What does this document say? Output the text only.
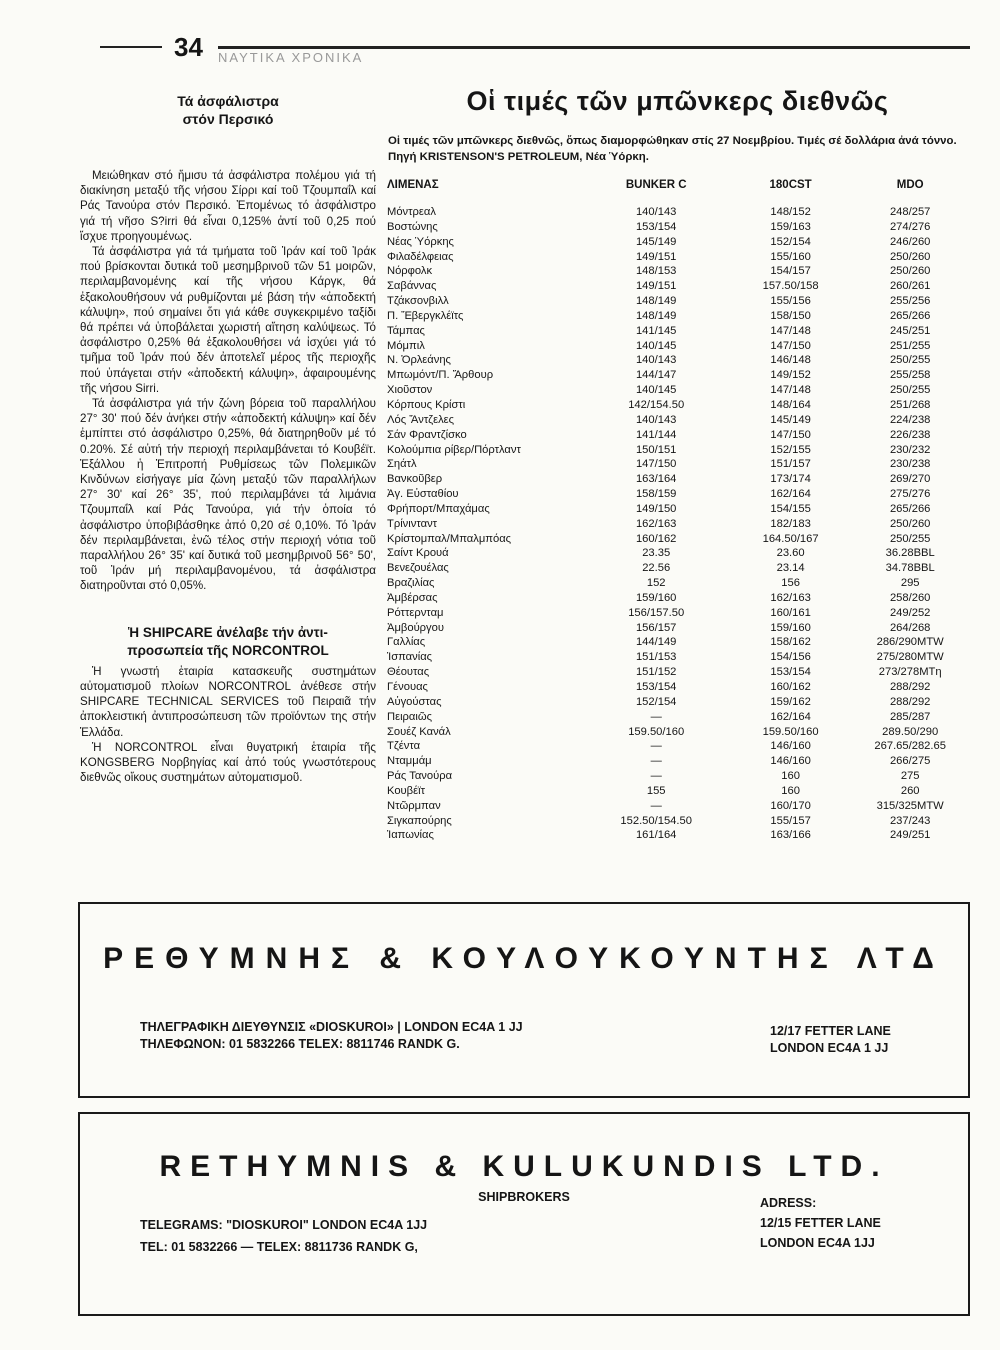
34 ΝΑΥΤΙΚΑ ΧΡΟΝΙΚΑ
Τά ἀσφάλιστρα
στόν Περσικό

Μειώθηκαν στό ἥμισυ τά ἀσφάλιστρα πολέμου γιά τή διακίνηση μεταξύ τῆς νήσου Σίρρι καί τοῦ Τζουμπαΐλ καί Ράς Τανούρα στόν Περσικό. Ἐπομένως τό ἀσφάλιστρο γιά τή νῆσο S?irri θά εἶναι 0,125% ἀντί τοῦ 0,25 πού ἴσχυε προηγουμένως.

Τά ἀσφάλιστρα γιά τά τμήματα τοῦ Ἰράν καί τοῦ Ἰράκ πού βρίσκονται δυτικά τοῦ μεσημβρινοῦ τῶν 51 μοιρῶν, περιλαμβανομένης καί τῆς νήσου Κάργκ, θά ἐξακολουθήσουν νά ρυθμίζονται μέ βάση τήν «ἀποδεκτή κάλυψη», πού σημαίνει ὅτι γιά κάθε συγκεκριμένο ταξίδι θά πρέπει νά ὑποβάλεται χωριστή αἴτηση καλύψεως. Τό ἀσφάλιστρο 0,25% θά ἐξακολουθήσει νά ἰσχύει γιά τό τμῆμα τοῦ Ἰράν πού δέν ἀποτελεῖ μέρος τῆς περιοχῆς πού ὑπάγεται στήν «ἀποδεκτή κάλυψη», ἀφαιρουμένης τῆς νήσου Sirri.

Τά ἀσφάλιστρα γιά τήν ζώνη βόρεια τοῦ παραλλήλου 27° 30' πού δέν ἀνήκει στήν «ἀποδεκτή κάλυψη» καί δέν ἐμπίπτει στό ἀσφάλιστρο 0,25%, θά διατηρηθοῦν μέ τό 0.20%. Σέ αὐτή τήν περιοχή περιλαμβάνεται τό Κουβέϊτ. Ἐξάλλου ἡ Ἐπιτροπή Ρυθμίσεως τῶν Πολεμικῶν Κινδύνων εἰσήγαγε μία ζώνη μεταξύ τῶν παραλλήλων 27° 30' καί 26° 35', πού περιλαμβάνει τά λιμάνια Τζουμπαΐλ καί Ράς Τανούρα, γιά τήν ὁποία τό ἀσφάλιστρο ὑποβιβάσθηκε ἀπό 0,20 σέ 0,10%. Τό Ἰράν δέν περιλαμβάνεται, ἐνῶ τέλος στήν περιοχή νότια τοῦ παραλλήλου 26° 35' καί δυτικά τοῦ μεσημβρινοῦ 56° 50', τοῦ Ἰράν μή περιλαμβανομένου, τά ἀσφάλιστρα διατηροῦνται στό 0,05%.

Ἡ SHIPCARE ἀνέλαβε τήν ἀντι-
προσωπεία τῆς NORCONTROL

Ἡ γνωστή ἑταιρία κατασκευῆς συστημάτων αὐτοματισμοῦ πλοίων NORCONTROL ἀνέθεσε στήν SHIPCARE TECHNICAL SERVICES τοῦ Πειραιᾶ τήν ἀποκλειστική ἀντιπροσώπευση τῶν προϊόντων της στήν Ἑλλάδα.

Ἡ NORCONTROL εἶναι θυγατρική ἑταιρία τῆς KONGSBERG Νορβηγίας καί ἀπό τούς γνωστότερους διεθνῶς οἴκους συστημάτων αὐτοματισμοῦ.

Οἱ τιμές τῶν μπῶνκερς διεθνῶς
Οἱ τιμές τῶν μπῶνκερς διεθνῶς, ὅπως διαμορφώθηκαν στίς 27 Νοεμβρίου. Τιμές σέ δολλάρια ἀνά τόννο. Πηγή KRISTENSON'S PETROLEUM, Νέα Ὑόρκη.
ΛΙΜΕΝΑΣ	BUNKER C	180CST	MDO
Μόντρεαλ	140/143	148/152	248/257
Βοστώνης	153/154	159/163	274/276
Νέας Ὑόρκης	145/149	152/154	246/260
Φιλαδέλφειας	149/151	155/160	250/260
Νόρφολκ	148/153	154/157	250/260
Σαβάννας	149/151	157.50/158	260/261
Τζάκσονβιλλ	148/149	155/156	255/256
Π. Ἔβεργκλέϊτς	148/149	158/150	265/266
Τάμπας	141/145	147/148	245/251
Μόμπιλ	140/145	147/150	251/255
Ν. Ὀρλεάνης	140/143	146/148	250/255
Μπωμόντ/Π. Ἄρθουρ	144/147	149/152	255/258
Χιοῦστον	140/145	147/148	250/255
Κόρπους Κρίστι	142/154.50	148/164	251/268
Λός Ἄντζελες	140/143	145/149	224/238
Σάν Φραντζίσκο	141/144	147/150	226/238
Κολούμπια ρίβερ/Πόρτλαντ	150/151	152/155	230/232
Σηάτλ	147/150	151/157	230/238
Βανκοῦβερ	163/164	173/174	269/270
Ἁγ. Εὐσταθίου	158/159	162/164	275/276
Φρήπορτ/Μπαχάμας	149/150	154/155	265/266
Τρίνινταντ	162/163	182/183	250/260
Κρίστομπαλ/Μπαλμπόας	160/162	164.50/167	250/255
Σαίντ Κρουά	23.35	23.60	36.28BBL
Βενεζουέλας	22.56	23.14	34.78BBL
Βραζιλίας	152	156	295
Ἀμβέρσας	159/160	162/163	258/260
Ρόττερνταμ	156/157.50	160/161	249/252
Ἀμβούργου	156/157	159/160	264/268
Γαλλίας	144/149	158/162	286/290MTW
Ἱσπανίας	151/153	154/156	275/280MTW
Θέουτας	151/152	153/154	273/278MTη
Γένουας	153/154	160/162	288/292
Αὐγούστας	152/154	159/162	288/292
Πειραιῶς	—	162/164	285/287
Σουέζ Κανάλ	159.50/160	159.50/160	289.50/290
Τζέντα	—	146/160	267.65/282.65
Νταμμάμ	—	146/160	266/275
Ράς Τανούρα	—	160	275
Κουβέϊτ	155	160	260
Ντῶρμπαν	—	160/170	315/325MTW
Σιγκαπούρης	152.50/154.50	155/157	237/243
Ἰαπωνίας	161/164	163/166	249/251
ΡΕΘΥΜΝΗΣ & ΚΟΥΛΟΥΚΟΥΝΤΗΣ ΛΤΔ
ΤΗΛΕΓΡΑΦΙΚΗ ΔΙΕΥΘΥΝΣΙΣ «DIOSKUROI» | LONDON EC4A 1 JJ
ΤΗΛΕΦΩΝΟΝ: 01 5832266 TELEX: 8811746 RANDK G.
12/17 FETTER LANE
LONDON EC4A 1 JJ
RETHYMNIS & KULUKUNDIS LTD.
SHIPBROKERS	ADRESS:
TELEGRAMS: "DIOSKUROI" LONDON EC4A 1JJ	12/15 FETTER LANE
TEL: 01 5832266 — TELEX: 8811736 RANDK G,	LONDON EC4A 1JJ
